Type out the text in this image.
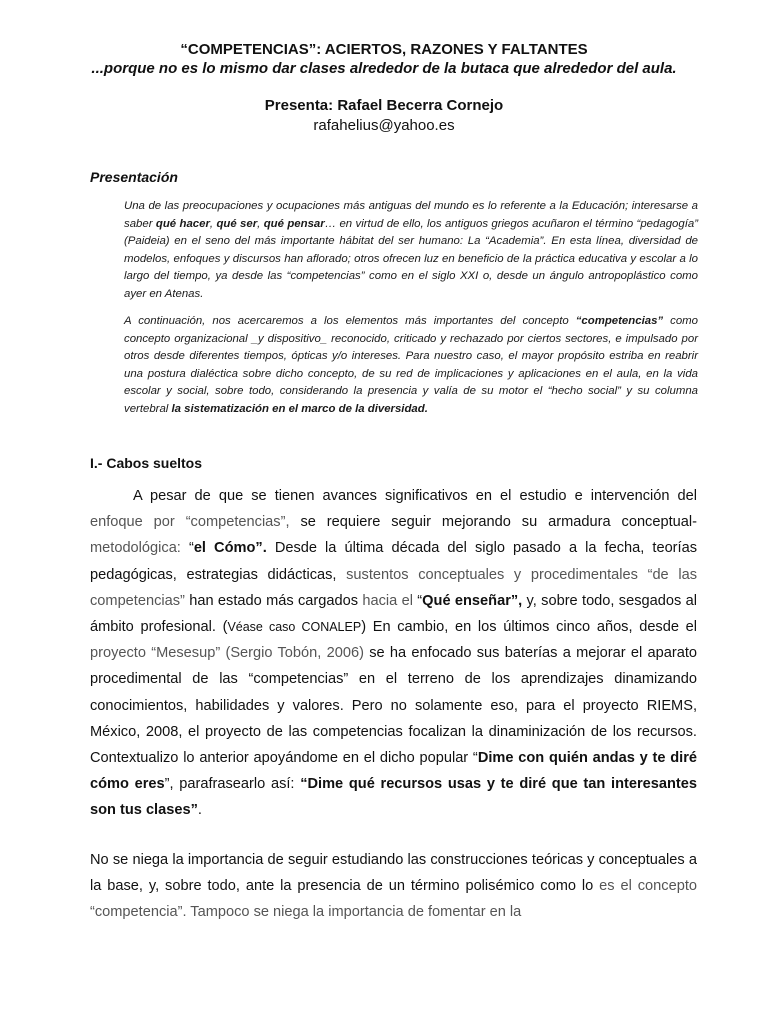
“COMPETENCIAS”: ACIERTOS, RAZONES Y FALTANTES
...porque no es lo mismo dar clases alrededor de la butaca que alrededor del aula.
Presenta: Rafael Becerra Cornejo
rafahelius@yahoo.es
Presentación

Una de las preocupaciones y ocupaciones más antiguas del mundo es lo referente a la Educación; interesarse a saber qué hacer, qué ser, qué pensar… en virtud de ello, los antiguos griegos acuñaron el término “pedagogía” (Paideia) en el seno del más importante hábitat del ser humano: La “Academia”. En esta línea, diversidad de modelos, enfoques y discursos han aflorado; otros ofrecen luz en beneficio de la práctica educativa y escolar a lo largo del tiempo, ya desde las “competencias” como en el siglo XXI o, desde un ángulo antropoplástico como ayer en Atenas.

A continuación, nos acercaremos a los elementos más importantes del concepto “competencias” como concepto organizacional _y dispositivo_ reconocido, criticado y rechazado por ciertos sectores, e impulsado por otros desde diferentes tiempos, ópticas y/o intereses. Para nuestro caso, el mayor propósito estriba en reabrir una postura dialéctica sobre dicho concepto, de su red de implicaciones y aplicaciones en el aula, en la vida escolar y social, sobre todo, considerando la presencia y valía de su motor el “hecho social” y su columna vertebral la sistematización en el marco de la diversidad.

I.- Cabos sueltos

A pesar de que se tienen avances significativos en el estudio e intervención del enfoque por “competencias”, se requiere seguir mejorando su armadura conceptual-metodológica: “el Cómo”. Desde la última década del siglo pasado a la fecha, teorías pedagógicas, estrategias didácticas, sustentos conceptuales y procedimentales “de las competencias” han estado más cargados hacia el “Qué enseñar”, y, sobre todo, sesgados al ámbito profesional. (Véase caso CONALEP) En cambio, en los últimos cinco años, desde el proyecto “Mesesup” (Sergio Tobón, 2006) se ha enfocado sus baterías a mejorar el aparato procedimental de las “competencias” en el terreno de los aprendizajes dinamizando conocimientos, habilidades y valores. Pero no solamente eso, para el proyecto RIEMS, México, 2008, el proyecto de las competencias focalizan la dinaminización de los recursos. Contextualizo lo anterior apoyándome en el dicho popular “Dime con quién andas y te diré cómo eres”, parafrasearlo así: “Dime qué recursos usas y te diré que tan interesantes son tus clases”.

No se niega la importancia de seguir estudiando las construcciones teóricas y conceptuales a la base, y, sobre todo, ante la presencia de un término polisémico como lo es el concepto “competencia”. Tampoco se niega la importancia de fomentar en la
